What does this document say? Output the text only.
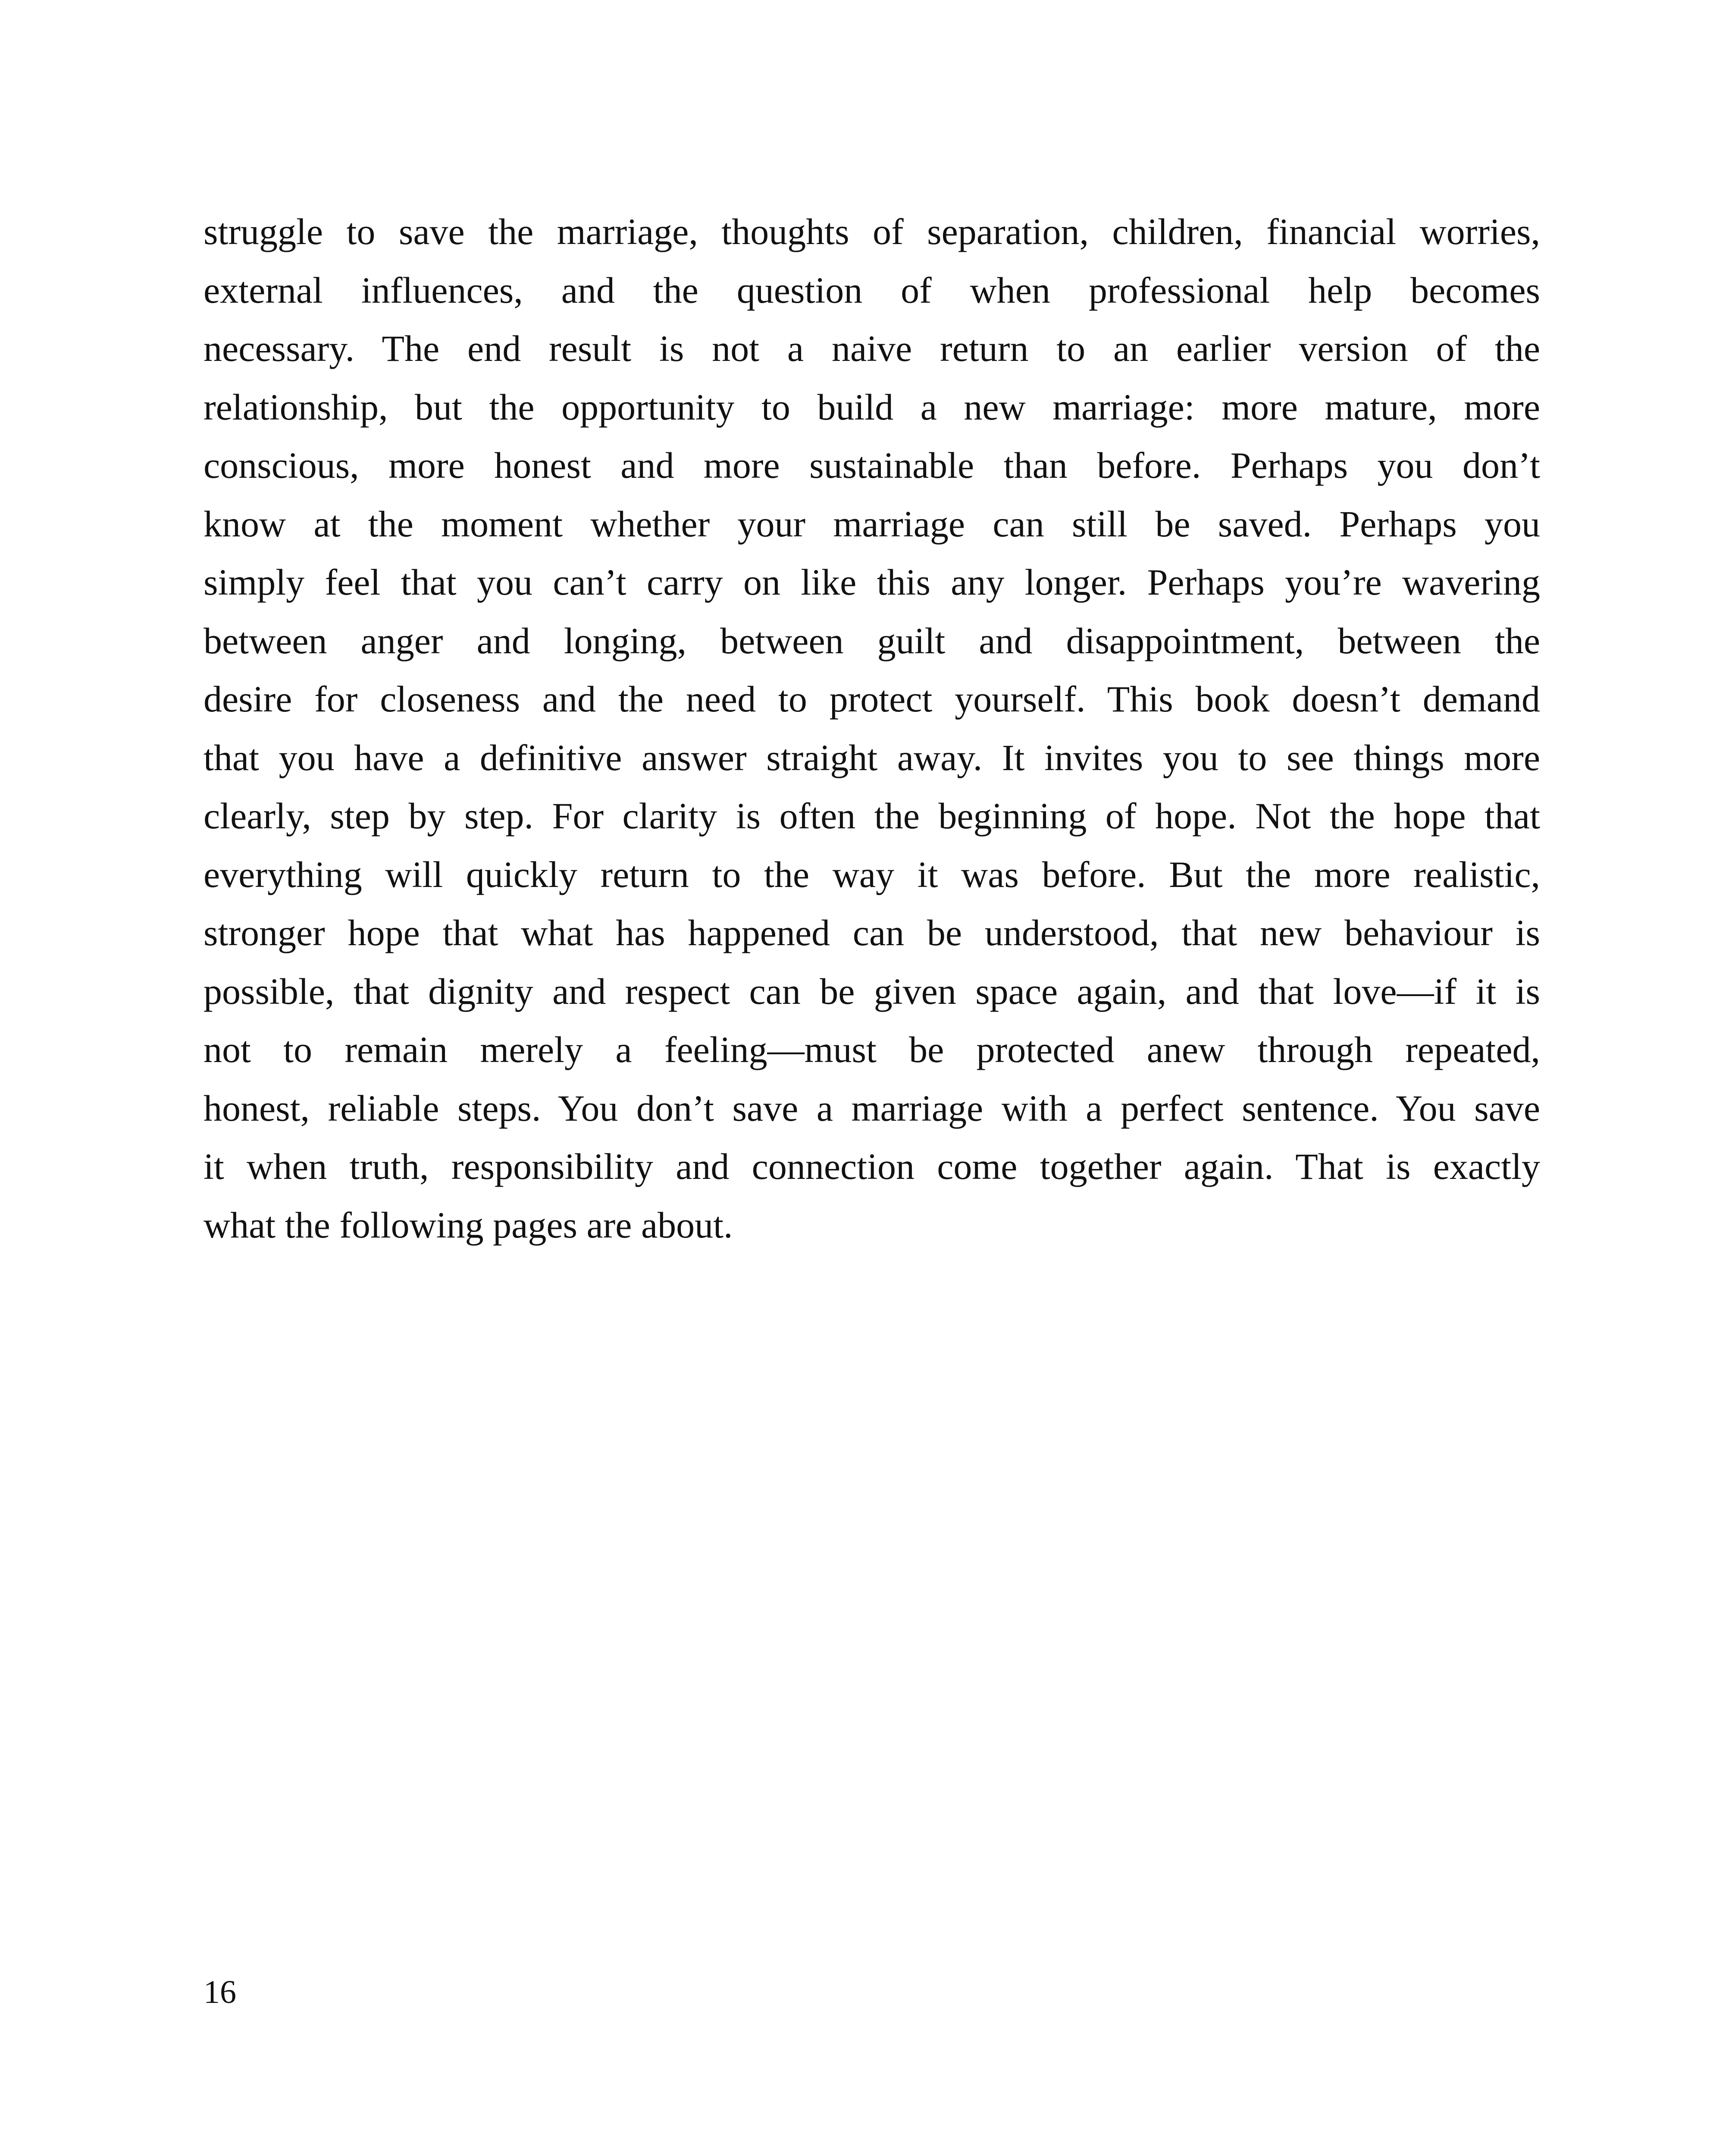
struggle to save the marriage, thoughts of separation, children, financial worries,
external influences, and the question of when professional help becomes
necessary. The end result is not a naive return to an earlier version of the
relationship, but the opportunity to build a new marriage: more mature, more
conscious, more honest and more sustainable than before. Perhaps you don’t
know at the moment whether your marriage can still be saved. Perhaps you
simply feel that you can’t carry on like this any longer. Perhaps you’re wavering
between anger and longing, between guilt and disappointment, between the
desire for closeness and the need to protect yourself. This book doesn’t demand
that you have a definitive answer straight away. It invites you to see things more
clearly, step by step. For clarity is often the beginning of hope. Not the hope that
everything will quickly return to the way it was before. But the more realistic,
stronger hope that what has happened can be understood, that new behaviour is
possible, that dignity and respect can be given space again, and that love—if it is
not to remain merely a feeling—must be protected anew through repeated,
honest, reliable steps. You don’t save a marriage with a perfect sentence. You save
it when truth, responsibility and connection come together again. That is exactly
what the following pages are about.

16
